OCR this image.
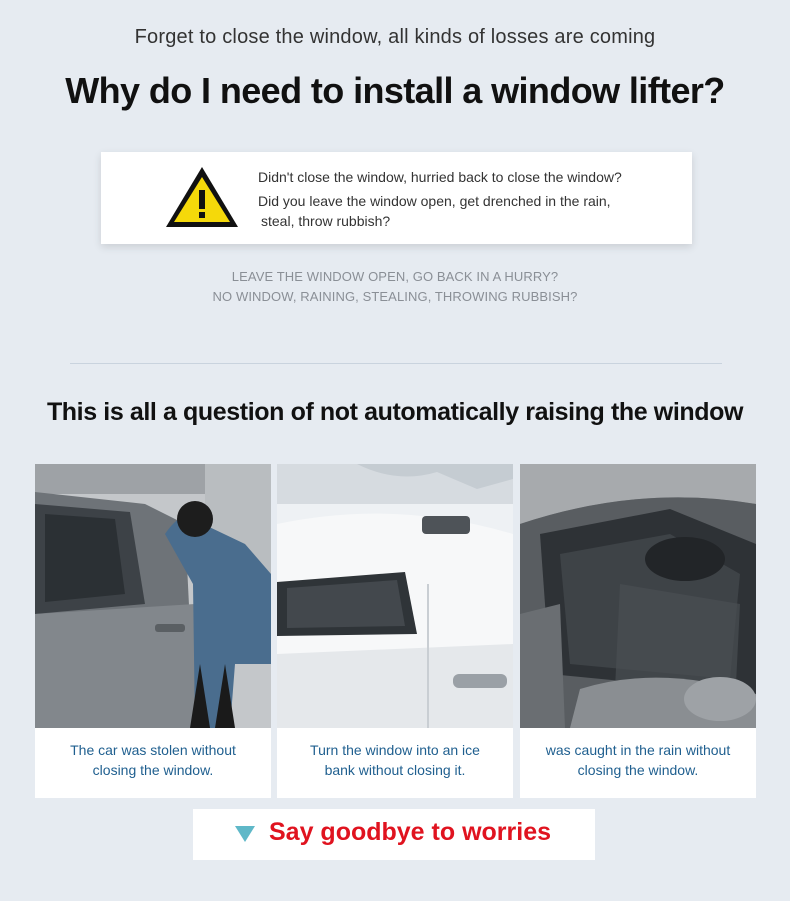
Forget to close the window, all kinds of losses are coming
Why do I need to install a window lifter?
Didn't close the window, hurried back to close the window?
Did you leave the window open, get drenched in the rain,
steal, throw rubbish?
LEAVE THE WINDOW OPEN, GO BACK IN A HURRY?
NO WINDOW, RAINING, STEALING, THROWING RUBBISH?
This is all a question of not automatically raising the window
The car was stolen without
closing the window.
Turn the window into an ice
bank without closing it.
was caught in the rain without
closing the window.
Say goodbye to worries
